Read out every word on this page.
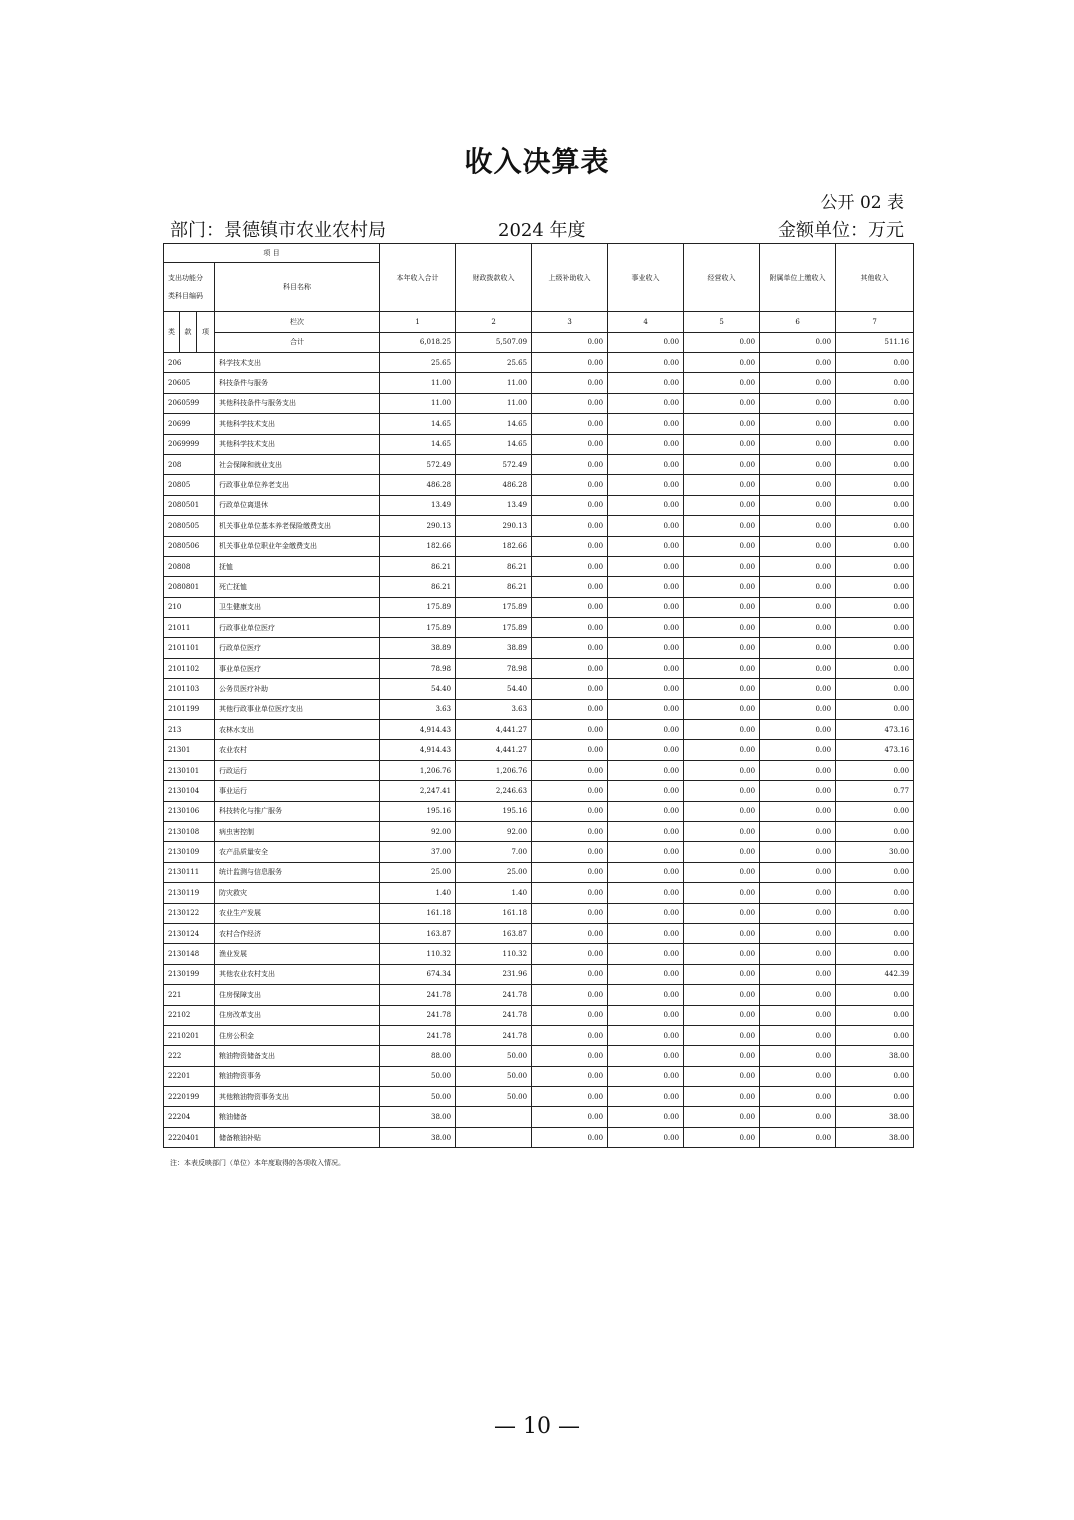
收入决算表
公开 02 表
部门：景德镇市农业农村局	2024 年度	金额单位：万元
项 目				本年收入合计	财政拨款收入	上级补助收入	事业收入	经营收入	附属单位上缴收入	其他收入
支出功能分

类科目编码			科目名称							

类	款	项	栏次	1	2	3	4	5	6	7
			合计	6,018.25	5,507.09	0.00	0.00	0.00	0.00	511.16
206			科学技术支出	25.65	25.65	0.00	0.00	0.00	0.00	0.00
20605			科技条件与服务	11.00	11.00	0.00	0.00	0.00	0.00	0.00
2060599			其他科技条件与服务支出	11.00	11.00	0.00	0.00	0.00	0.00	0.00
20699			其他科学技术支出	14.65	14.65	0.00	0.00	0.00	0.00	0.00
2069999			其他科学技术支出	14.65	14.65	0.00	0.00	0.00	0.00	0.00
208			社会保障和就业支出	572.49	572.49	0.00	0.00	0.00	0.00	0.00
20805			行政事业单位养老支出	486.28	486.28	0.00	0.00	0.00	0.00	0.00
2080501			行政单位离退休	13.49	13.49	0.00	0.00	0.00	0.00	0.00
2080505			机关事业单位基本养老保险缴费支出	290.13	290.13	0.00	0.00	0.00	0.00	0.00
2080506			机关事业单位职业年金缴费支出	182.66	182.66	0.00	0.00	0.00	0.00	0.00
20808			抚恤	86.21	86.21	0.00	0.00	0.00	0.00	0.00
2080801			死亡抚恤	86.21	86.21	0.00	0.00	0.00	0.00	0.00
210			卫生健康支出	175.89	175.89	0.00	0.00	0.00	0.00	0.00
21011			行政事业单位医疗	175.89	175.89	0.00	0.00	0.00	0.00	0.00
2101101			行政单位医疗	38.89	38.89	0.00	0.00	0.00	0.00	0.00
2101102			事业单位医疗	78.98	78.98	0.00	0.00	0.00	0.00	0.00
2101103			公务员医疗补助	54.40	54.40	0.00	0.00	0.00	0.00	0.00
2101199			其他行政事业单位医疗支出	3.63	3.63	0.00	0.00	0.00	0.00	0.00
213			农林水支出	4,914.43	4,441.27	0.00	0.00	0.00	0.00	473.16
21301			农业农村	4,914.43	4,441.27	0.00	0.00	0.00	0.00	473.16
2130101			行政运行	1,206.76	1,206.76	0.00	0.00	0.00	0.00	0.00
2130104			事业运行	2,247.41	2,246.63	0.00	0.00	0.00	0.00	0.77
2130106			科技转化与推广服务	195.16	195.16	0.00	0.00	0.00	0.00	0.00
2130108			病虫害控制	92.00	92.00	0.00	0.00	0.00	0.00	0.00
2130109			农产品质量安全	37.00	7.00	0.00	0.00	0.00	0.00	30.00
2130111			统计监测与信息服务	25.00	25.00	0.00	0.00	0.00	0.00	0.00
2130119			防灾救灾	1.40	1.40	0.00	0.00	0.00	0.00	0.00
2130122			农业生产发展	161.18	161.18	0.00	0.00	0.00	0.00	0.00
2130124			农村合作经济	163.87	163.87	0.00	0.00	0.00	0.00	0.00
2130148			渔业发展	110.32	110.32	0.00	0.00	0.00	0.00	0.00
2130199			其他农业农村支出	674.34	231.96	0.00	0.00	0.00	0.00	442.39
221			住房保障支出	241.78	241.78	0.00	0.00	0.00	0.00	0.00
22102			住房改革支出	241.78	241.78	0.00	0.00	0.00	0.00	0.00
2210201			住房公积金	241.78	241.78	0.00	0.00	0.00	0.00	0.00
222			粮油物资储备支出	88.00	50.00	0.00	0.00	0.00	0.00	38.00
22201			粮油物资事务	50.00	50.00	0.00	0.00	0.00	0.00	0.00
2220199			其他粮油物资事务支出	50.00	50.00	0.00	0.00	0.00	0.00	0.00
22204			粮油储备	38.00		0.00	0.00	0.00	0.00	38.00
2220401			储备粮油补贴	38.00		0.00	0.00	0.00	0.00	38.00
注：本表反映部门（单位）本年度取得的各项收入情况。
— 10 —
